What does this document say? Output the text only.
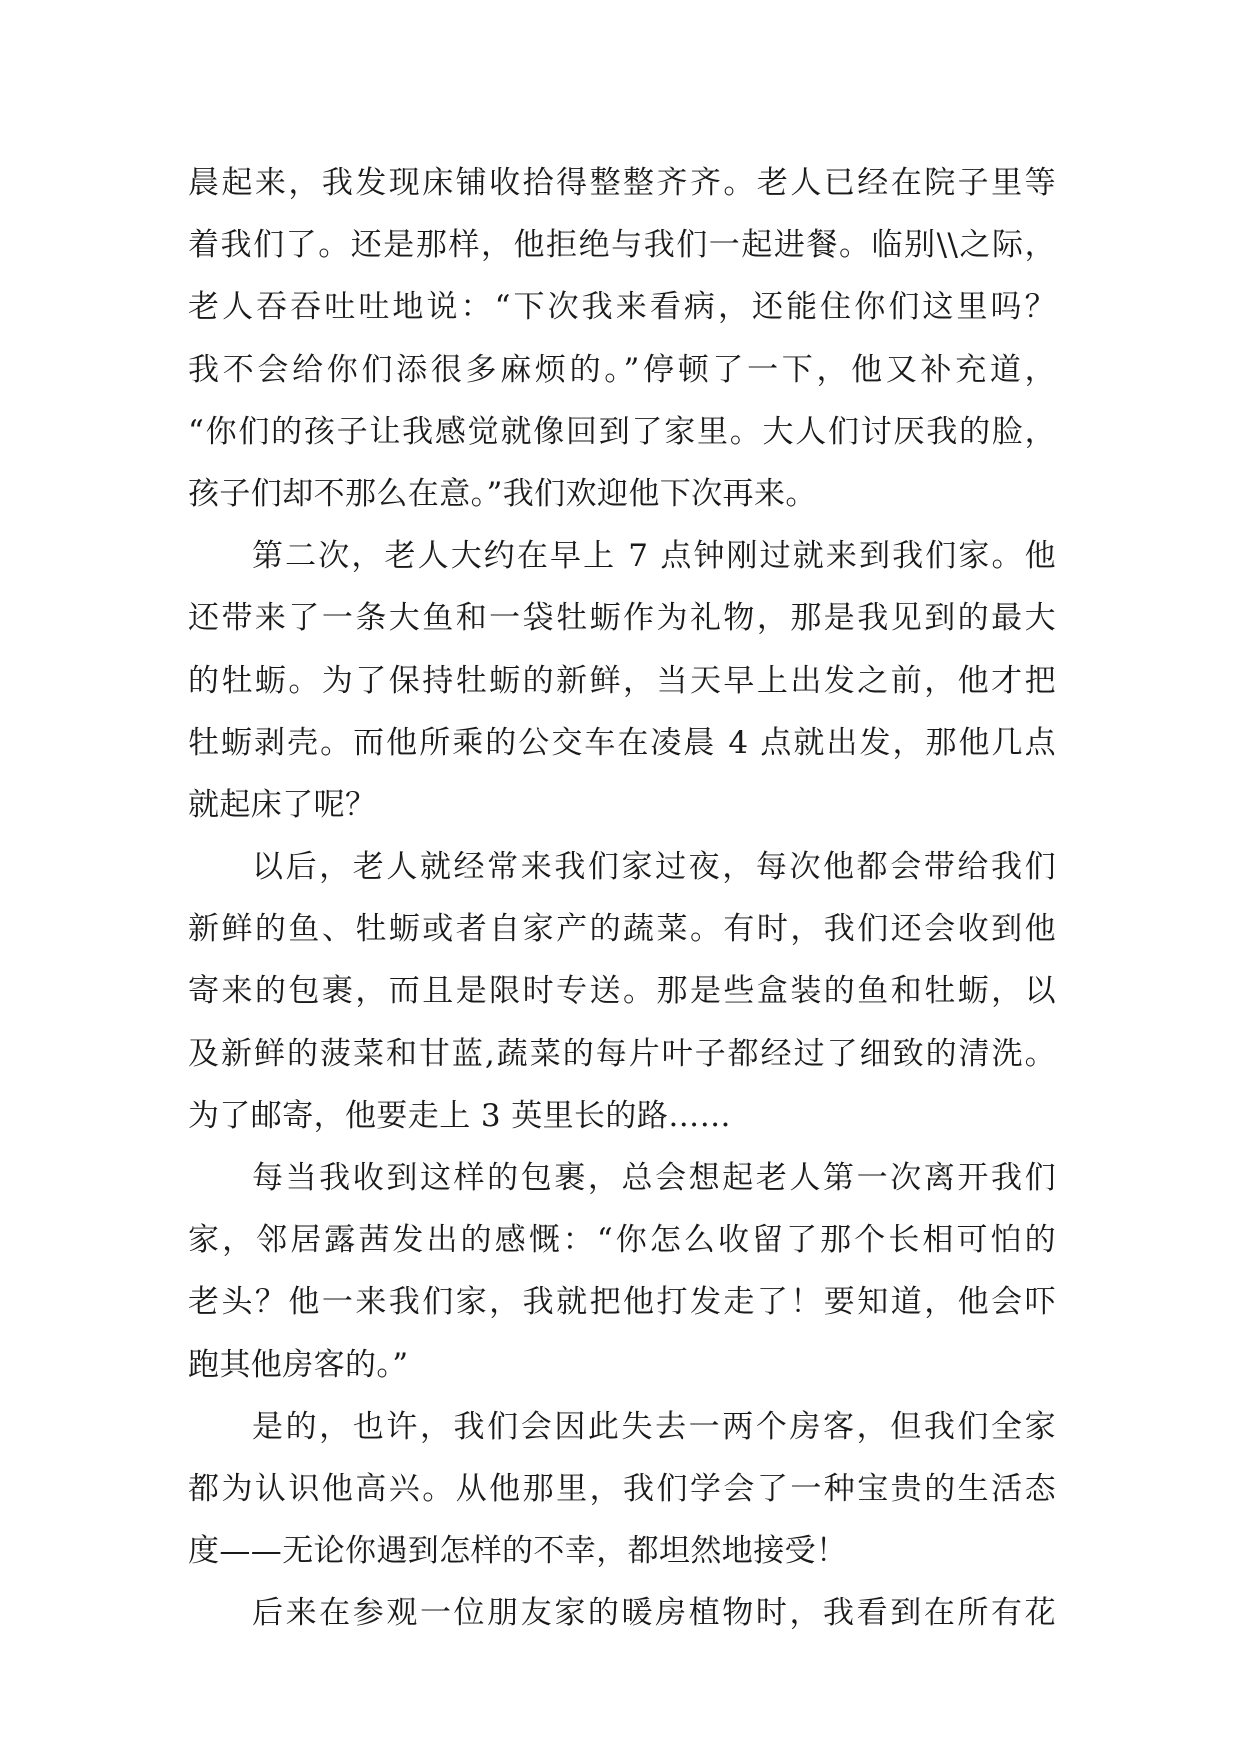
晨起来，我发现床铺收拾得整整齐齐。老人已经在院子里等
着我们了。还是那样，他拒绝与我们一起进餐。临别\\之际，
老人吞吞吐吐地说：“下次我来看病，还能住你们这里吗？
我不会给你们添很多麻烦的。”停顿了一下，他又补充道，
“你们的孩子让我感觉就像回到了家里。大人们讨厌我的脸，
孩子们却不那么在意。”我们欢迎他下次再来。
第二次，老人大约在早上 7 点钟刚过就来到我们家。他
还带来了一条大鱼和一袋牡蛎作为礼物，那是我见到的最大
的牡蛎。为了保持牡蛎的新鲜，当天早上出发之前，他才把
牡蛎剥壳。而他所乘的公交车在凌晨 4 点就出发，那他几点
就起床了呢？
以后，老人就经常来我们家过夜，每次他都会带给我们
新鲜的鱼、牡蛎或者自家产的蔬菜。有时，我们还会收到他
寄来的包裹，而且是限时专送。那是些盒装的鱼和牡蛎，以
及新鲜的菠菜和甘蓝,蔬菜的每片叶子都经过了细致的清洗。
为了邮寄，他要走上 3 英里长的路……
每当我收到这样的包裹，总会想起老人第一次离开我们
家，邻居露茜发出的感慨：“你怎么收留了那个长相可怕的
老头？他一来我们家，我就把他打发走了！要知道，他会吓
跑其他房客的。”
是的，也许，我们会因此失去一两个房客，但我们全家
都为认识他高兴。从他那里，我们学会了一种宝贵的生活态
度——无论你遇到怎样的不幸，都坦然地接受！
后来在参观一位朋友家的暖房植物时，我看到在所有花
